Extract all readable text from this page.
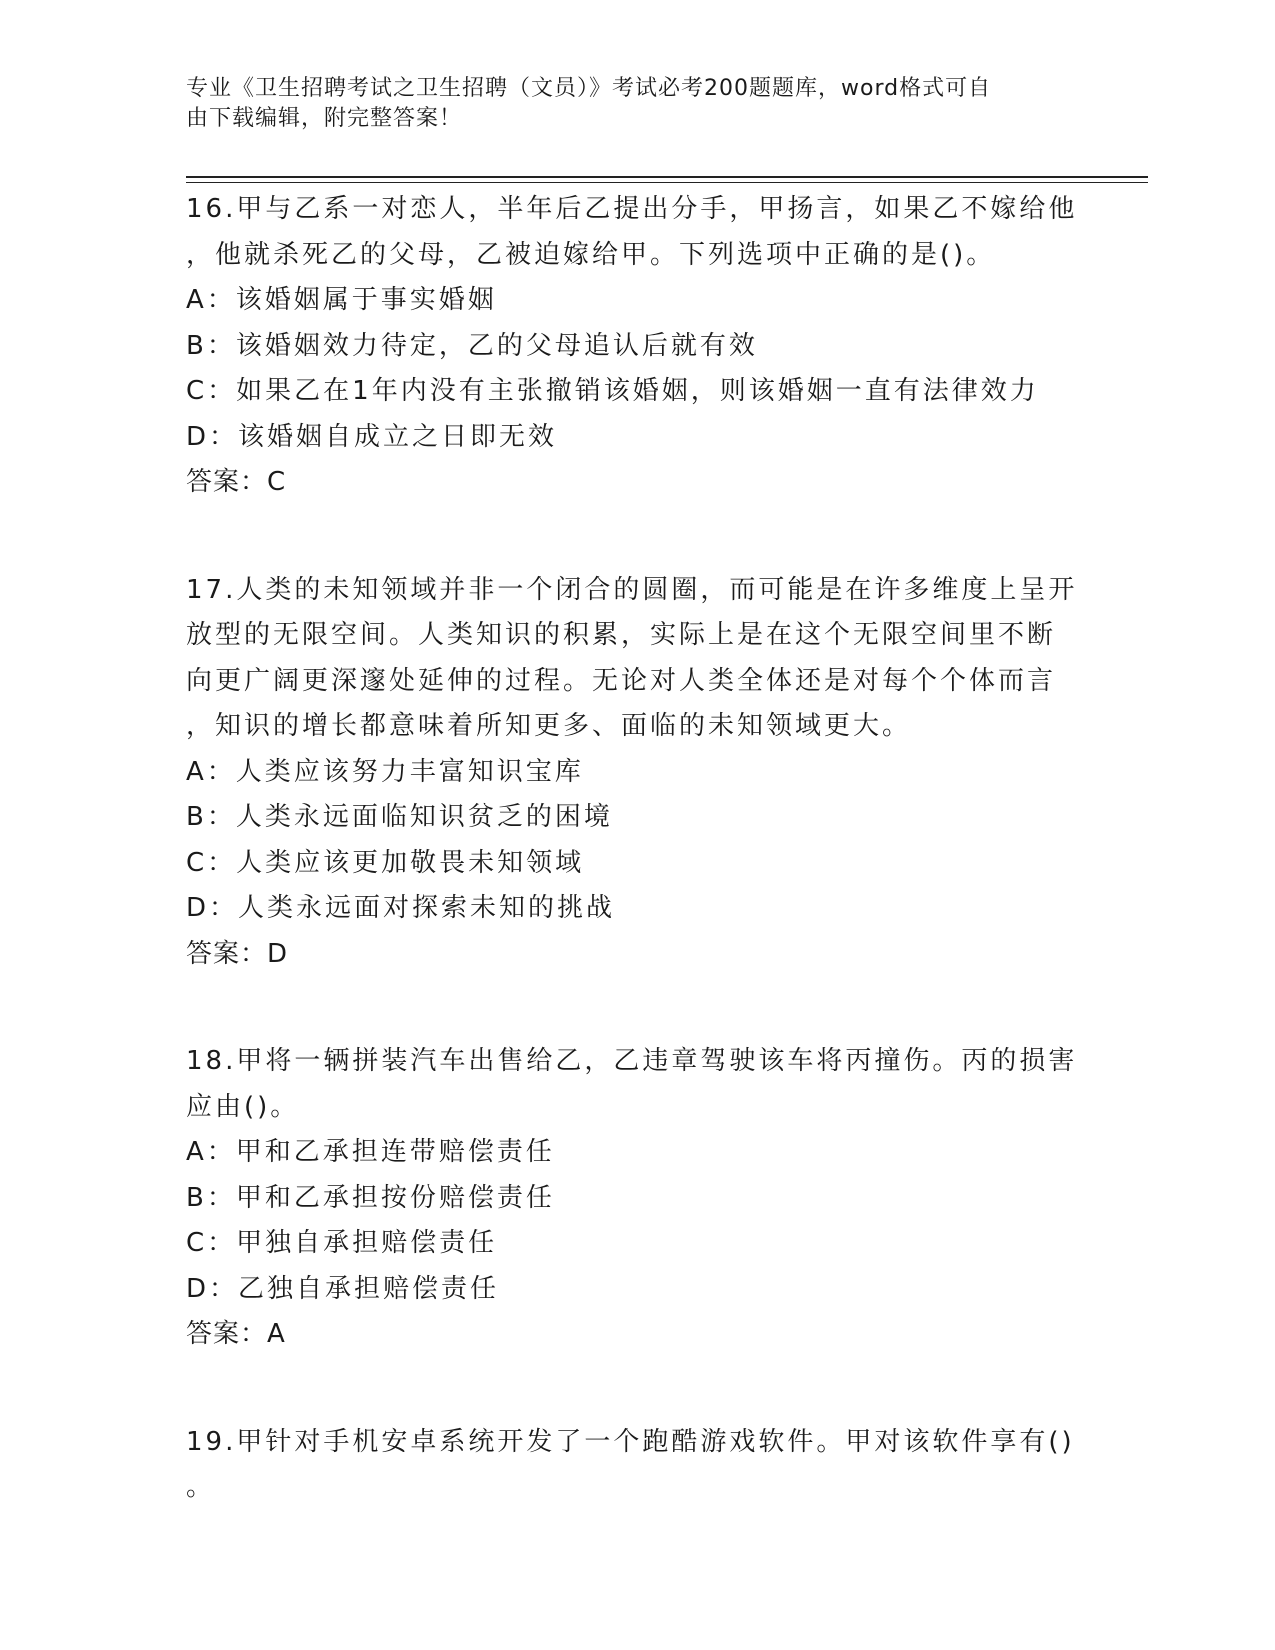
专业《卫生招聘考试之卫生招聘（文员）》考试必考200题题库，word格式可自
由下载编辑，附完整答案！

16.甲与乙系一对恋人，半年后乙提出分手，甲扬言，如果乙不嫁给他

，他就杀死乙的父母，乙被迫嫁给甲。下列选项中正确的是()。

A：该婚姻属于事实婚姻

B：该婚姻效力待定，乙的父母追认后就有效

C：如果乙在1年内没有主张撤销该婚姻，则该婚姻一直有法律效力

D：该婚姻自成立之日即无效

答案：C

17.人类的未知领域并非一个闭合的圆圈，而可能是在许多维度上呈开

放型的无限空间。人类知识的积累，实际上是在这个无限空间里不断

向更广阔更深邃处延伸的过程。无论对人类全体还是对每个个体而言

，知识的增长都意味着所知更多、面临的未知领域更大。

A：人类应该努力丰富知识宝库

B：人类永远面临知识贫乏的困境

C：人类应该更加敬畏未知领域

D：人类永远面对探索未知的挑战

答案：D

18.甲将一辆拼装汽车出售给乙，乙违章驾驶该车将丙撞伤。丙的损害

应由()。

A：甲和乙承担连带赔偿责任

B：甲和乙承担按份赔偿责任

C：甲独自承担赔偿责任

D：乙独自承担赔偿责任

答案：A

19.甲针对手机安卓系统开发了一个跑酷游戏软件。甲对该软件享有()

。
